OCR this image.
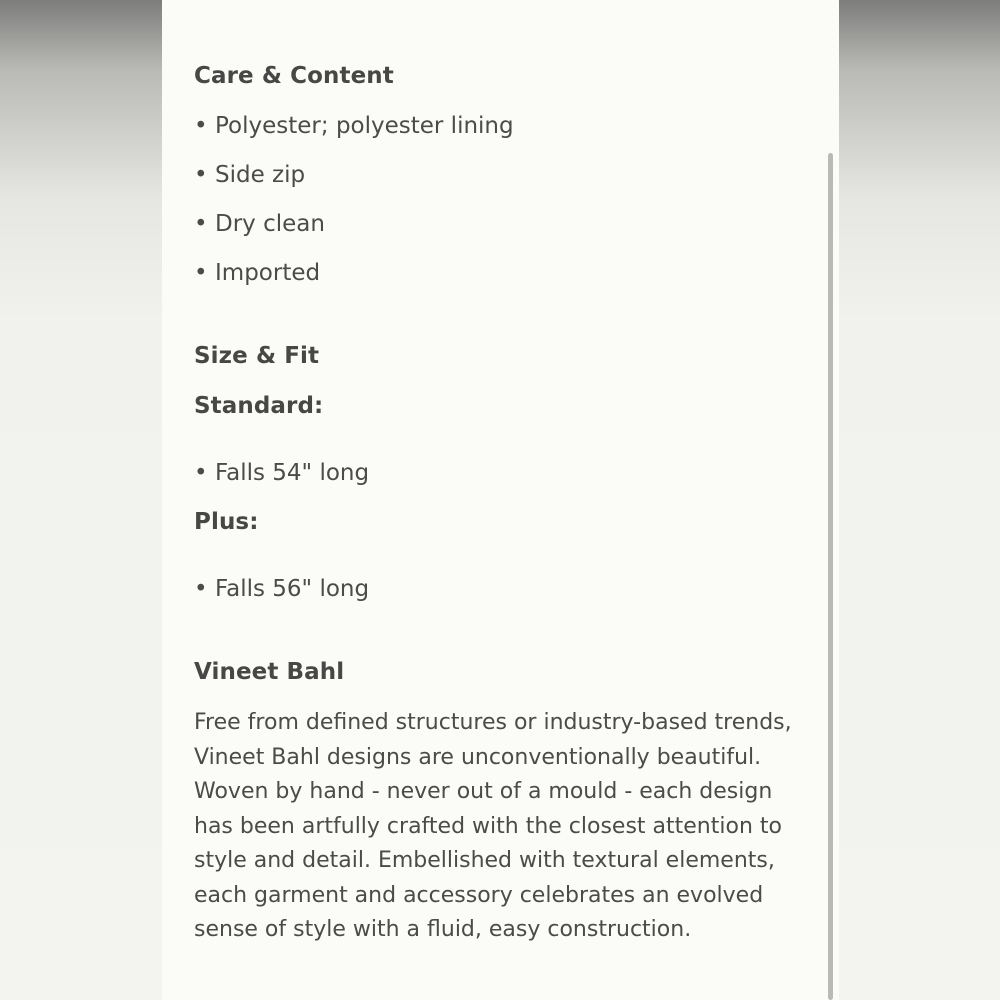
Care & Content

• Polyester; polyester lining

• Side zip

• Dry clean

• Imported

Size & Fit
Standard:

• Falls 54" long

Plus:

• Falls 56" long

Vineet Bahl

Free from defined structures or industry-based trends,
Vineet Bahl designs are unconventionally beautiful.
Woven by hand - never out of a mould - each design
has been artfully crafted with the closest attention to
style and detail. Embellished with textural elements,
each garment and accessory celebrates an evolved
sense of style with a fluid, easy construction.
